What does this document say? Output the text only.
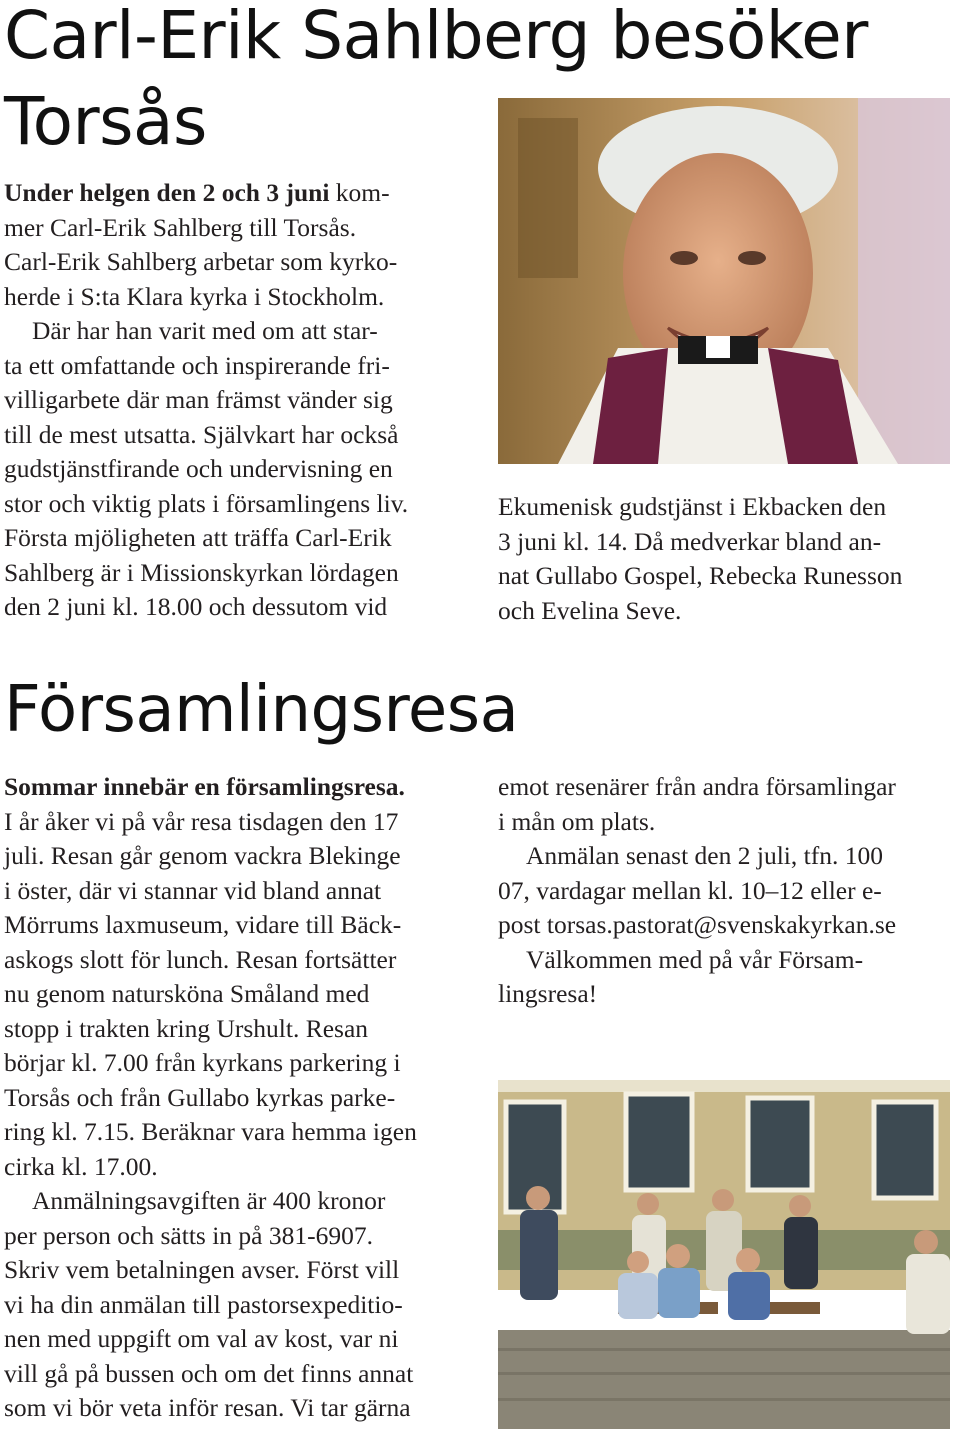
Carl-Erik Sahlberg besöker
Torsås

Under helgen den 2 och 3 juni kom-
mer Carl-Erik Sahlberg till Torsås.
Carl-Erik Sahlberg arbetar som kyrko-
herde i S:ta Klara kyrka i Stockholm.

Där har han varit med om att star-
ta ett omfattande och inspirerande fri-
villigarbete där man främst vänder sig
till de mest utsatta. Självkart har också
gudstjänstfirande och undervisning en
stor och viktig plats i församlingens liv.
Första mjöligheten att träffa Carl-Erik
Sahlberg är i Missionskyrkan lördagen
den 2 juni kl. 18.00 och dessutom vid

Ekumenisk gudstjänst i Ekbacken den
3 juni kl. 14. Då medverkar bland an-
nat Gullabo Gospel, Rebecka Runesson
och Evelina Seve.

Församlingsresa

Sommar innebär en församlingsresa.
I år åker vi på vår resa tisdagen den 17
juli. Resan går genom vackra Blekinge
i öster, där vi stannar vid bland annat
Mörrums laxmuseum, vidare till Bäck-
askogs slott för lunch. Resan fortsätter
nu genom natursköna Småland med
stopp i trakten kring Urshult. Resan
börjar kl. 7.00 från kyrkans parkering i
Torsås och från Gullabo kyrkas parke-
ring kl. 7.15. Beräknar vara hemma igen
cirka kl. 17.00.

Anmälningsavgiften är 400 kronor
per person och sätts in på 381-6907.
Skriv vem betalningen avser. Först vill
vi ha din anmälan till pastorsexpeditio-
nen med uppgift om val av kost, var ni
vill gå på bussen och om det finns annat
som vi bör veta inför resan. Vi tar gärna

emot resenärer från andra församlingar
i mån om plats.

Anmälan senast den 2 juli, tfn. 100
07, vardagar mellan kl. 10–12 eller e-
post torsas.pastorat@svenskakyrkan.se

Välkommen med på vår Försam-
lingsresa!
